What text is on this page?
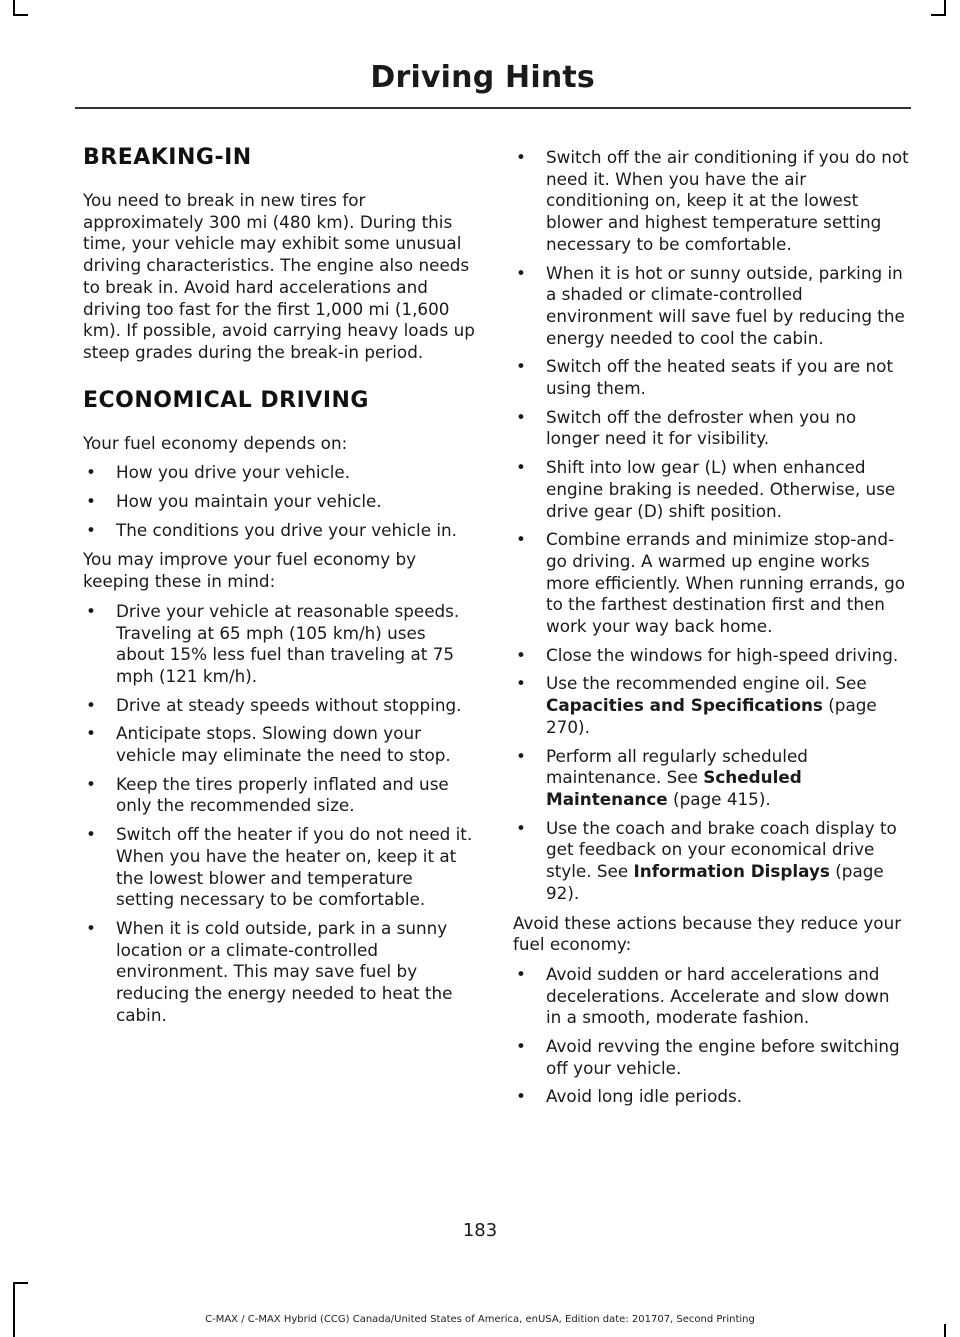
Driving Hints
BREAKING-IN

You need to break in new tires for approximately 300 mi (480 km). During this time, your vehicle may exhibit some unusual driving characteristics. The engine also needs to break in. Avoid hard accelerations and driving too fast for the first 1,000 mi (1,600 km). If possible, avoid carrying heavy loads up steep grades during the break-in period.

ECONOMICAL DRIVING

Your fuel economy depends on:

• How you drive your vehicle.
• How you maintain your vehicle.
• The conditions you drive your vehicle in.

You may improve your fuel economy by keeping these in mind:

• Drive your vehicle at reasonable speeds. Traveling at 65 mph (105 km/h) uses about 15% less fuel than traveling at 75 mph (121 km/h).
• Drive at steady speeds without stopping.
• Anticipate stops. Slowing down your vehicle may eliminate the need to stop.
• Keep the tires properly inflated and use only the recommended size.
• Switch off the heater if you do not need it. When you have the heater on, keep it at the lowest blower and temperature setting necessary to be comfortable.
• When it is cold outside, park in a sunny location or a climate-controlled environment. This may save fuel by reducing the energy needed to heat the cabin.
• Switch off the air conditioning if you do not need it. When you have the air conditioning on, keep it at the lowest blower and highest temperature setting necessary to be comfortable.
• When it is hot or sunny outside, parking in a shaded or climate-controlled environment will save fuel by reducing the energy needed to cool the cabin.
• Switch off the heated seats if you are not using them.
• Switch off the defroster when you no longer need it for visibility.
• Shift into low gear (L) when enhanced engine braking is needed. Otherwise, use drive gear (D) shift position.
• Combine errands and minimize stop-and-go driving. A warmed up engine works more efficiently. When running errands, go to the farthest destination first and then work your way back home.
• Close the windows for high-speed driving.
• Use the recommended engine oil. See Capacities and Specifications (page 270).
• Perform all regularly scheduled maintenance. See Scheduled Maintenance (page 415).
• Use the coach and brake coach display to get feedback on your economical drive style. See Information Displays (page 92).

Avoid these actions because they reduce your fuel economy:

• Avoid sudden or hard accelerations and decelerations. Accelerate and slow down in a smooth, moderate fashion.
• Avoid revving the engine before switching off your vehicle.
• Avoid long idle periods.
183
C-MAX / C-MAX Hybrid (CCG) Canada/United States of America, enUSA, Edition date: 201707, Second Printing
